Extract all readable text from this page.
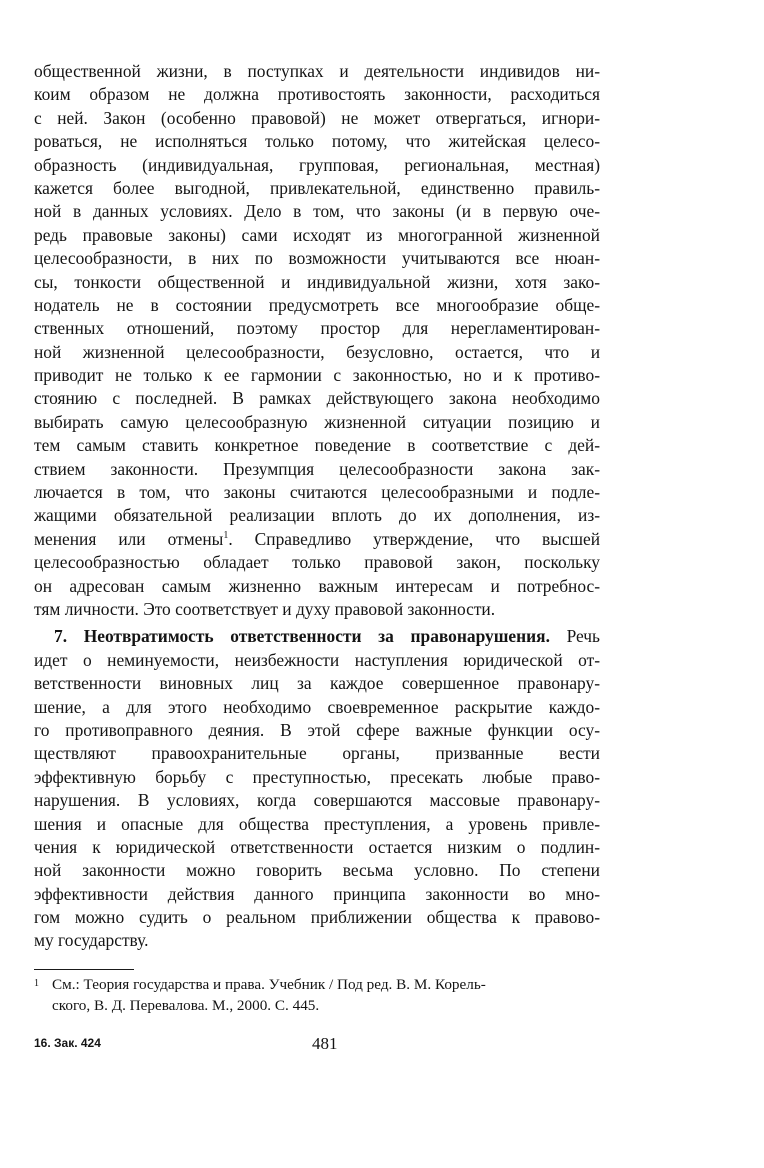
общественной жизни, в поступках и деятельности индивидов ни-
коим образом не должна противостоять законности, расходиться
с ней. Закон (особенно правовой) не может отвергаться, игнори-
роваться, не исполняться только потому, что житейская целесо-
образность (индивидуальная, групповая, региональная, местная)
кажется более выгодной, привлекательной, единственно правиль-
ной в данных условиях. Дело в том, что законы (и в первую оче-
редь правовые законы) сами исходят из многогранной жизненной
целесообразности, в них по возможности учитываются все нюан-
сы, тонкости общественной и индивидуальной жизни, хотя зако-
нодатель не в состоянии предусмотреть все многообразие обще-
ственных отношений, поэтому простор для нерегламентирован-
ной жизненной целесообразности, безусловно, остается, что и
приводит не только к ее гармонии с законностью, но и к противо-
стоянию с последней. В рамках действующего закона необходимо
выбирать самую целесообразную жизненной ситуации позицию и
тем самым ставить конкретное поведение в соответствие с дей-
ствием законности. Презумпция целесообразности закона зак-
лючается в том, что законы считаются целесообразными и подле-
жащими обязательной реализации вплоть до их дополнения, из-
менения или отмены$^1$. Справедливо утверждение, что высшей
целесообразностью обладает только правовой закон, поскольку
он адресован самым жизненно важным интересам и потребнос-
тям личности. Это соответствует и духу правовой законности.
7. Неотвратимость ответственности за правонарушения. Речь
идет о неминуемости, неизбежности наступления юридической от-
ветственности виновных лиц за каждое совершенное правонару-
шение, а для этого необходимо своевременное раскрытие каждо-
го противоправного деяния. В этой сфере важные функции осу-
ществляют правоохранительные органы, призванные вести
эффективную борьбу с преступностью, пресекать любые право-
нарушения. В условиях, когда совершаются массовые правонару-
шения и опасные для общества преступления, а уровень привле-
чения к юридической ответственности остается низким о подлин-
ной законности можно говорить весьма условно. По степени
эффективности действия данного принципа законности во мно-
гом можно судить о реальном приближении общества к правово-
му государству.
1 См.: Теория государства и права. Учебник / Под ред. В. М. Корель-
ского, В. Д. Перевалова. М., 2000. С. 445.
16. Зак. 424	481
